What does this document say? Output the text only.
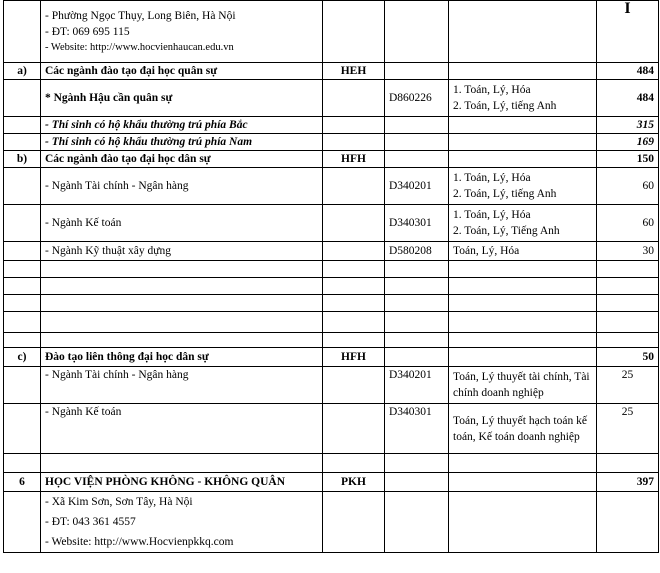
	- Phường Ngọc Thụy, Long Biên, Hà Nội
- ĐT: 069 695 115
- Website: http://www.hocvienhaucan.edu.vn				I
a)	Các ngành đào tạo đại học quân sự	HEH			484
	* Ngành Hậu cần quân sự		D860226	1. Toán, Lý, Hóa
2. Toán, Lý, tiếng Anh	484
	- Thí sinh có hộ khẩu thường trú phía Bắc				315
	- Thí sinh có hộ khẩu thường trú phía Nam				169
b)	Các ngành đào tạo đại học dân sự	HFH			150
	- Ngành Tài chính - Ngân hàng		D340201	1. Toán, Lý, Hóa
2. Toán, Lý, tiếng Anh	60
	- Ngành Kế toán		D340301	1. Toán, Lý, Hóa
2. Toán, Lý, Tiếng Anh	60
	- Ngành Kỹ thuật xây dựng		D580208	Toán, Lý, Hóa	30

c)	Đào tạo liên thông đại học dân sự	HFH			50
	- Ngành Tài chính - Ngân hàng		D340201	Toán, Lý thuyết tài chính, Tài chính doanh nghiệp	25
	- Ngành Kế toán		D340301	Toán, Lý thuyết hạch toán kế toán, Kế toán doanh nghiệp	25

6	HỌC VIỆN PHÒNG KHÔNG - KHÔNG QUÂN	PKH			397

	- Xã Kim Sơn, Sơn Tây, Hà Nội
- ĐT: 043 361 4557
- Website: http://www.Hocvienpkkq.com				
